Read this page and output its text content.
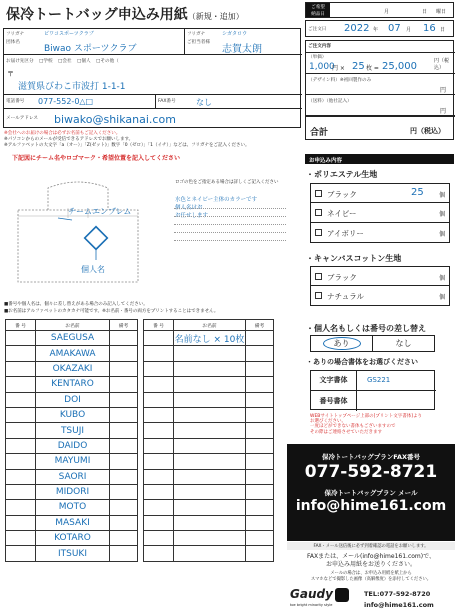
保冷トートバッグ申込み用紙（新規・追加）
ご希望
納品日	月	日 曜日
ご注文日 2022 年 07 月 16 日
フリガナ
団体名
ビワコスポーツクラブ
Biwao スポーツクラブ
フリガナ
ご担当者様
シガタロウ
志賀太朗
お届け先区分 □学校 □会社 □個人 □その他（
〒
滋賀県びわこ市波打 1-1-1
電話番号 077-552-0△□	FAX番号	なし
メールアドレス biwako@shikanai.com
※会社へのお届けの場合は必ずお名前もご記入ください。
※パソコンからのメールが受信できるアドレスでお願いします。
※アルファベットの大文字「a（オー）」「Z(ゼット)」数字「0（ゼロ）」「1（イチ）」などは、フリガナをご記入ください。
下記図にチーム名やロゴマーク・希望位置を記入してください
チームエンブレム
個人名
ロゴの色をご指定ある場合は詳しくご記入ください
水色とネイビー主体のカラーです
個人名はお
お任せします
■番号や個人名は、個々に差し替えがある場合のみ記入してください。
■お名前はアルファベットのカタカナ可能です。※お名前・番号の両方をプリントすることはできません。
番 号	お名前	備考
	SAEGUSA	
	AMAKAWA	
	OKAZAKI	
	KENTARO	
	DOI	
	KUBO	
	TSUJI	
	DAIDO	
	MAYUMI	
	SAORI	
	MIDORI	
	MOTO	
	MASAKI	
	KOTARO	
	ITSUKI	
番 号	お名前	備考
	名前なし × 10枚	

ご注文内容
（単価）
1,000
円 × 25 枚 = 25,000	円（税込）
（デザイン料）※初回製作のみ
円
（送料）（他社記入）
円
合計	円（税込）
お申込み内容
・ポリエステル生地
ブラック	25	個
ネイビー	個
アイボリー	個
・キャンバスコットン生地
ブラック	個
ナチュラル	個
・個人名もしくは番号の差し替え
あり	なし
・ありの場合書体をお選びください
文字書体	GS221
番号書体
WEBサイトトップページ上部の[プリント文字書体]より
お選びください。
一度ほどができない書体もございますので
その際はご連絡させていただきます
保冷トートバッグプランFAX番号
077-592-8721
保冷トートバッグプラン メール
info@hime161.com
FAX・メール送信後に必ず到着確認の電話をお願いします。
FAXまたは、メール(info@hime161.com)で、
お申込み用紙をお送りください。
メールの場合は、お申込み用紙を紙上から
スマホなどで撮影した画像（高解像度）を添付してください。
Gaudy
toe bright minority style
TEL:077-592-8720
info@hime161.com
